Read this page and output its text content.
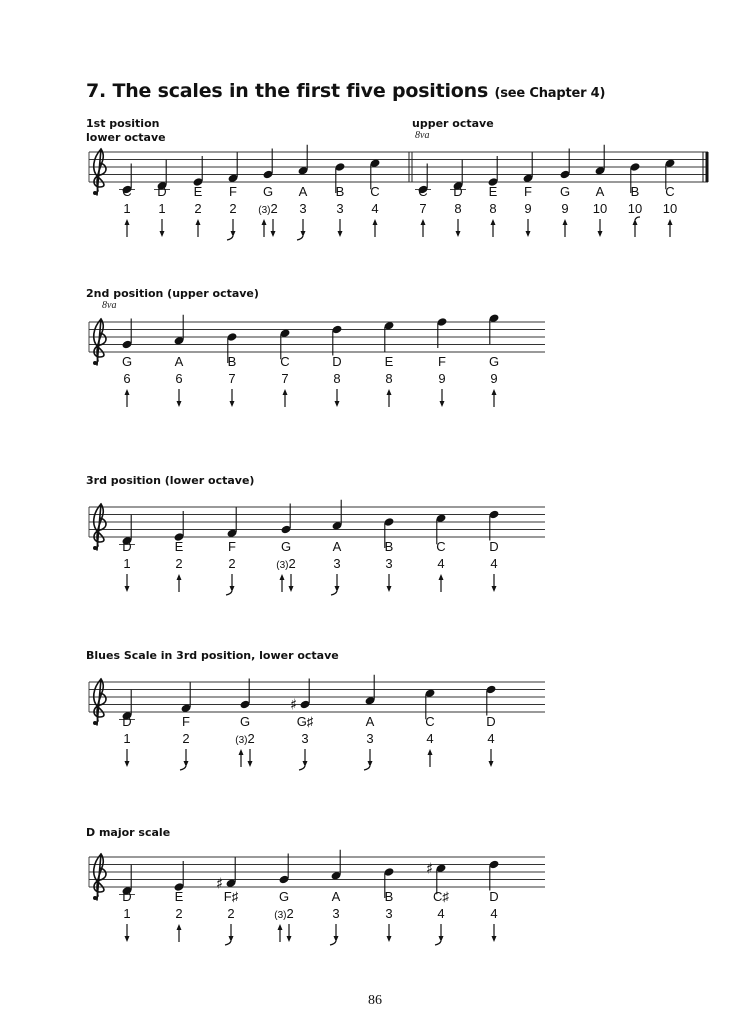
7. The scales in the first five positions (see Chapter 4)
1st position
lower octave
upper octave
8va
C
1
D
1
E
2
F
2
G
(3)2
A
3
B
3
C
4
C
7
D
8
E
8
F
9
G
9
A
10
B
10
C
10
2nd position (upper octave)
8va
G
6
A
6
B
7
C
7
D
8
E
8
F
9
G
9
3rd position (lower octave)
D
1
E
2
F
2
G
(3)2
A
3
B
3
C
4
D
4
Blues Scale in 3rd position, lower octave
D
1
F
2
G
(3)2
♯
G♯
3
A
3
C
4
D
4
D major scale
D
1
E
2
♯
F♯
2
G
(3)2
A
3
B
3
♯
C♯
4
D
4
86
